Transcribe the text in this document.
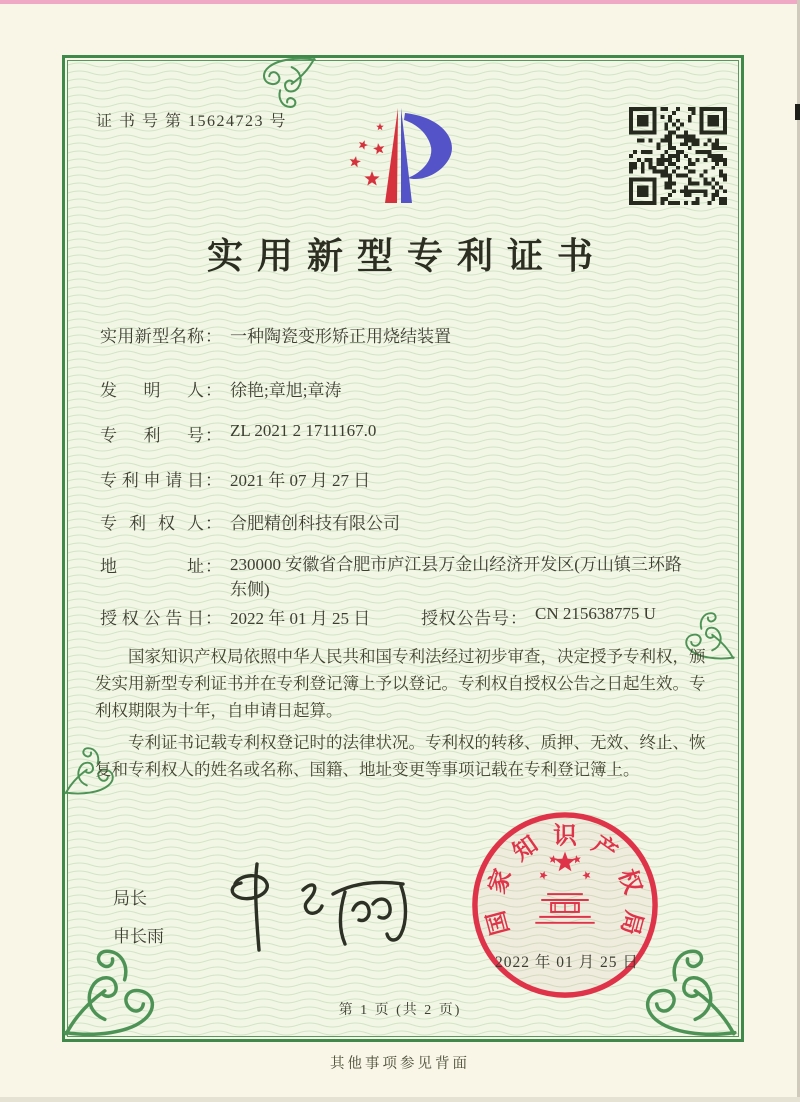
证 书 号 第 15624723 号
实用新型专利证书
实用新型名称 ： 一种陶瓷变形矫正用烧结装置
发明人 ： 徐艳;章旭;章涛
专利号 ： ZL 2021 2 1711167.0
专利申请日 ： 2021 年 07 月 27 日
专利权人 ： 合肥精创科技有限公司
地址 ： 230000 安徽省合肥市庐江县万金山经济开发区(万山镇三环路东侧)
授权公告日 ： 2022 年 01 月 25 日	授权公告号 ： CN 215638775 U

国家知识产权局依照中华人民共和国专利法经过初步审查，决定授予专利权，颁发实用新型专利证书并在专利登记簿上予以登记。专利权自授权公告之日起生效。专利权期限为十年，自申请日起算。

专利证书记载专利权登记时的法律状况。专利权的转移、质押、无效、终止、恢复和专利权人的姓名或名称、国籍、地址变更等事项记载在专利登记簿上。

局长
申长雨	国
家
知 识 产
权
局
2022 年 01 月 25 日
第 1 页 (共 2 页)
其他事项参见背面
